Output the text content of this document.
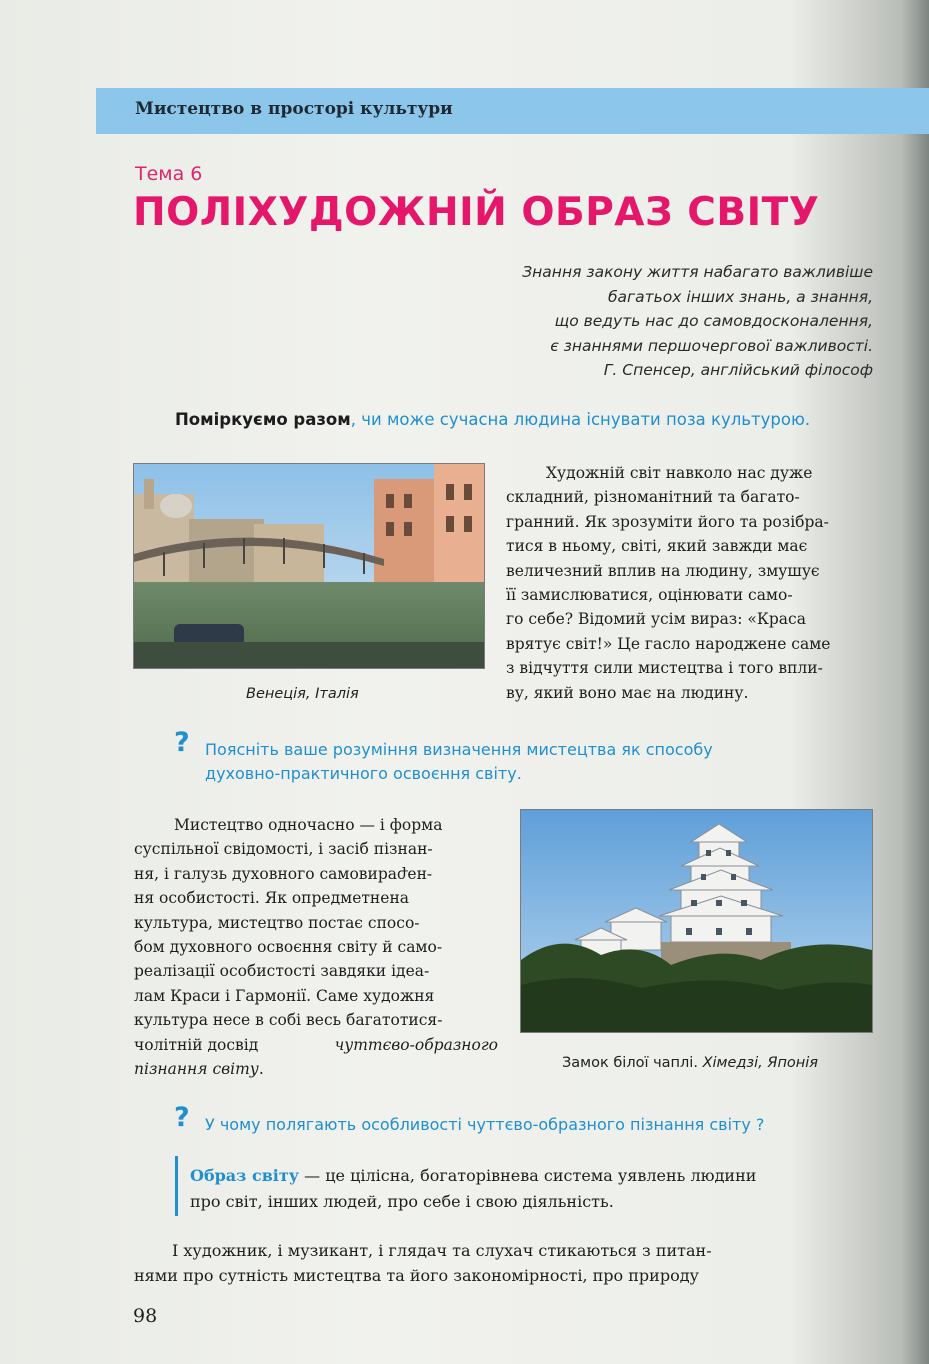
Мистецтво в просторі культури
Тема 6
ПОЛІХУДОЖНІЙ ОБРАЗ СВІТУ
Знання закону життя набагато важливіше
багатьох інших знань, а знання,
що ведуть нас до самовдосконалення,
є знаннями першочергової важливості.
Г. Спенсер, англійський філософ
Поміркуємо разом, чи може сучасна людина існувати поза культурою.
Венеція, Італія
Художній світ навколо нас дуже
складний, різноманітний та багато-
гранний. Як зрозуміти його та розібра-
тися в ньому, світі, який завжди має
величезний вплив на людину, змушує
її замислюватися, оцінювати само-
го себе? Відомий усім вираз: «Краса
врятує світ!» Це гасло народжене саме
з відчуття сили мистецтва і того впли-
ву, який воно має на людину.
? Поясніть ваше розуміння визначення мистецтва як способу
духовно-практичного освоєння світу.
Мистецтво одночасно — і форма
суспільної свідомості, і засіб пізнан-
ня, і галузь духовного самовираժен-
ня особистості. Як опредметнена
культура, мистецтво постає спосо-
бом духовного освоєння світу й само-
реалізації особистості завдяки ідеа-
лам Краси і Гармонії. Саме художня
культура несе в собі весь багатотися-
чолітній досвід	чуттєво-образного
пізнання світу .	Замок білої чаплі. Хімедзі, Японія
? У чому полягають особливості чуттєво-образного пізнання світу ?
Образ світу — це цілісна, богаторівнева система уявлень людини
про світ, інших людей, про себе і свою діяльність.
І художник, і музикант, і глядач та слухач стикаються з питан-
нями про сутність мистецтва та його закономірності, про природу
98
